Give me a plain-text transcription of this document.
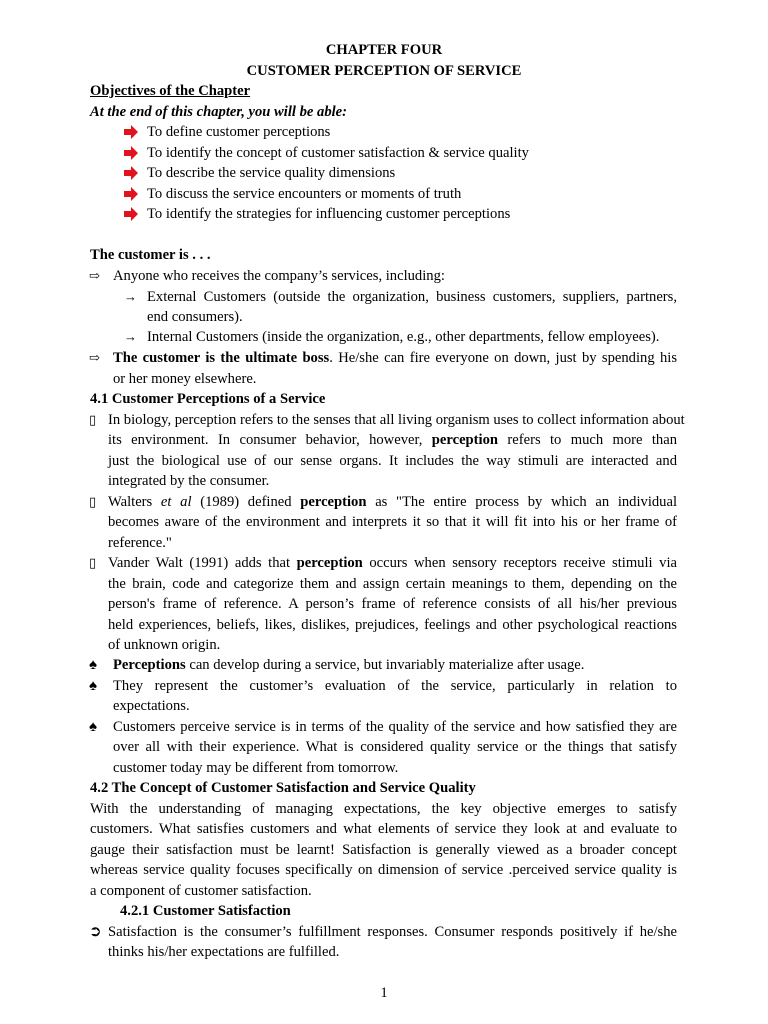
CHAPTER FOUR
CUSTOMER PERCEPTION OF SERVICE
Objectives of the Chapter
At the end of this chapter, you will be able:
To define customer perceptions
To identify the concept of customer satisfaction & service quality
To describe the service quality dimensions
To discuss the service encounters or moments of truth
To identify the strategies for influencing customer perceptions
The customer is . . .
⇨ Anyone who receives the company’s services, including:
→ External Customers (outside the organization, business customers, suppliers, partners,
end consumers).
→ Internal Customers (inside the organization, e.g., other departments, fellow employees).
⇨ The customer is the ultimate boss. He/she can fire everyone on down, just by spending his
or her money elsewhere.
4.1 Customer Perceptions of a Service
▯ In biology, perception refers to the senses that all living organism uses to collect information about
its environment. In consumer behavior, however, perception refers to much more than
just the biological use of our sense organs. It includes the way stimuli are interacted and
integrated by the consumer.
▯ Walters et al (1989) defined perception as "The entire process by which an individual
becomes aware of the environment and interprets it so that it will fit into his or her frame of
reference."
▯ Vander Walt (1991) adds that perception occurs when sensory receptors receive stimuli via
the brain, code and categorize them and assign certain meanings to them, depending on the
person's frame of reference. A person’s frame of reference consists of all his/her previous
held experiences, beliefs, likes, dislikes, prejudices, feelings and other psychological reactions
of unknown origin.
♠ Perceptions can develop during a service, but invariably materialize after usage.
♠ They represent the customer’s evaluation of the service, particularly in relation to
expectations.
♠ Customers perceive service is in terms of the quality of the service and how satisfied they are
over all with their experience. What is considered quality service or the things that satisfy
customer today may be different from tomorrow.
4.2 The Concept of Customer Satisfaction and Service Quality
With the understanding of managing expectations, the key objective emerges to satisfy
customers. What satisfies customers and what elements of service they look at and evaluate to
gauge their satisfaction must be learnt! Satisfaction is generally viewed as a broader concept
whereas service quality focuses specifically on dimension of service .perceived service quality is
a component of customer satisfaction.
4.2.1 Customer Satisfaction
➲ Satisfaction is the consumer’s fulfillment responses. Consumer responds positively if he/she
thinks his/her expectations are fulfilled.
1
